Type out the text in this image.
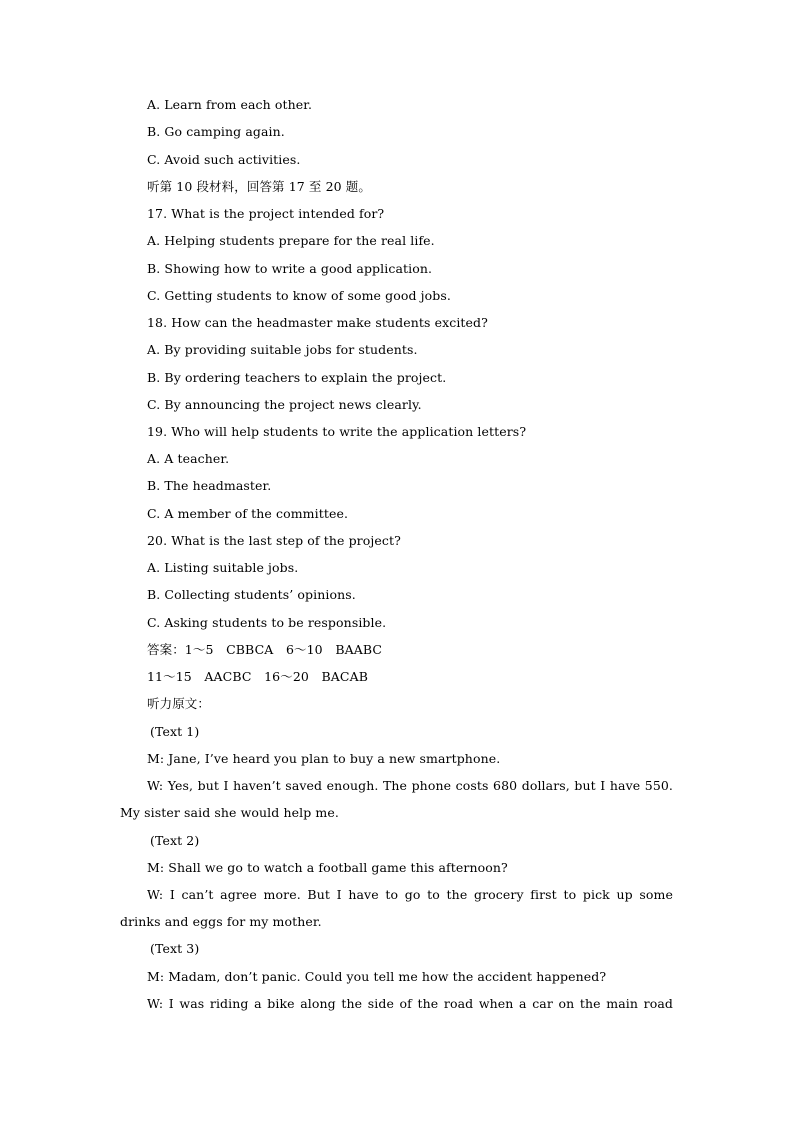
A. Learn from each other.
B. Go camping again.
C. Avoid such activities.
听第 10 段材料，回答第 17 至 20 题。
17. What is the project intended for?
A. Helping students prepare for the real life.
B. Showing how to write a good application.
C. Getting students to know of some good jobs.
18. How can the headmaster make students excited?
A. By providing suitable jobs for students.
B. By ordering teachers to explain the project.
C. By announcing the project news clearly.
19. Who will help students to write the application letters?
A. A teacher.
B. The headmaster.
C. A member of the committee.
20. What is the last step of the project?
A. Listing suitable jobs.
B. Collecting students’ opinions.
C. Asking students to be responsible.
答案：1～5　CBBCA　6～10　BAABC
11～15　AACBC　16～20　BACAB
听力原文：
(Text 1)
M: Jane, I’ve heard you plan to buy a new smartphone.
W: Yes, but I haven’t saved enough. The phone costs 680 dollars, but I have 550.
My sister said she would help me.
(Text 2)
M: Shall we go to watch a football game this afternoon?
W: I can’t agree more. But I have to go to the grocery first to pick up some
drinks and eggs for my mother.
(Text 3)
M: Madam, don’t panic. Could you tell me how the accident happened?
W: I was riding a bike along the side of the road when a car on the main road
